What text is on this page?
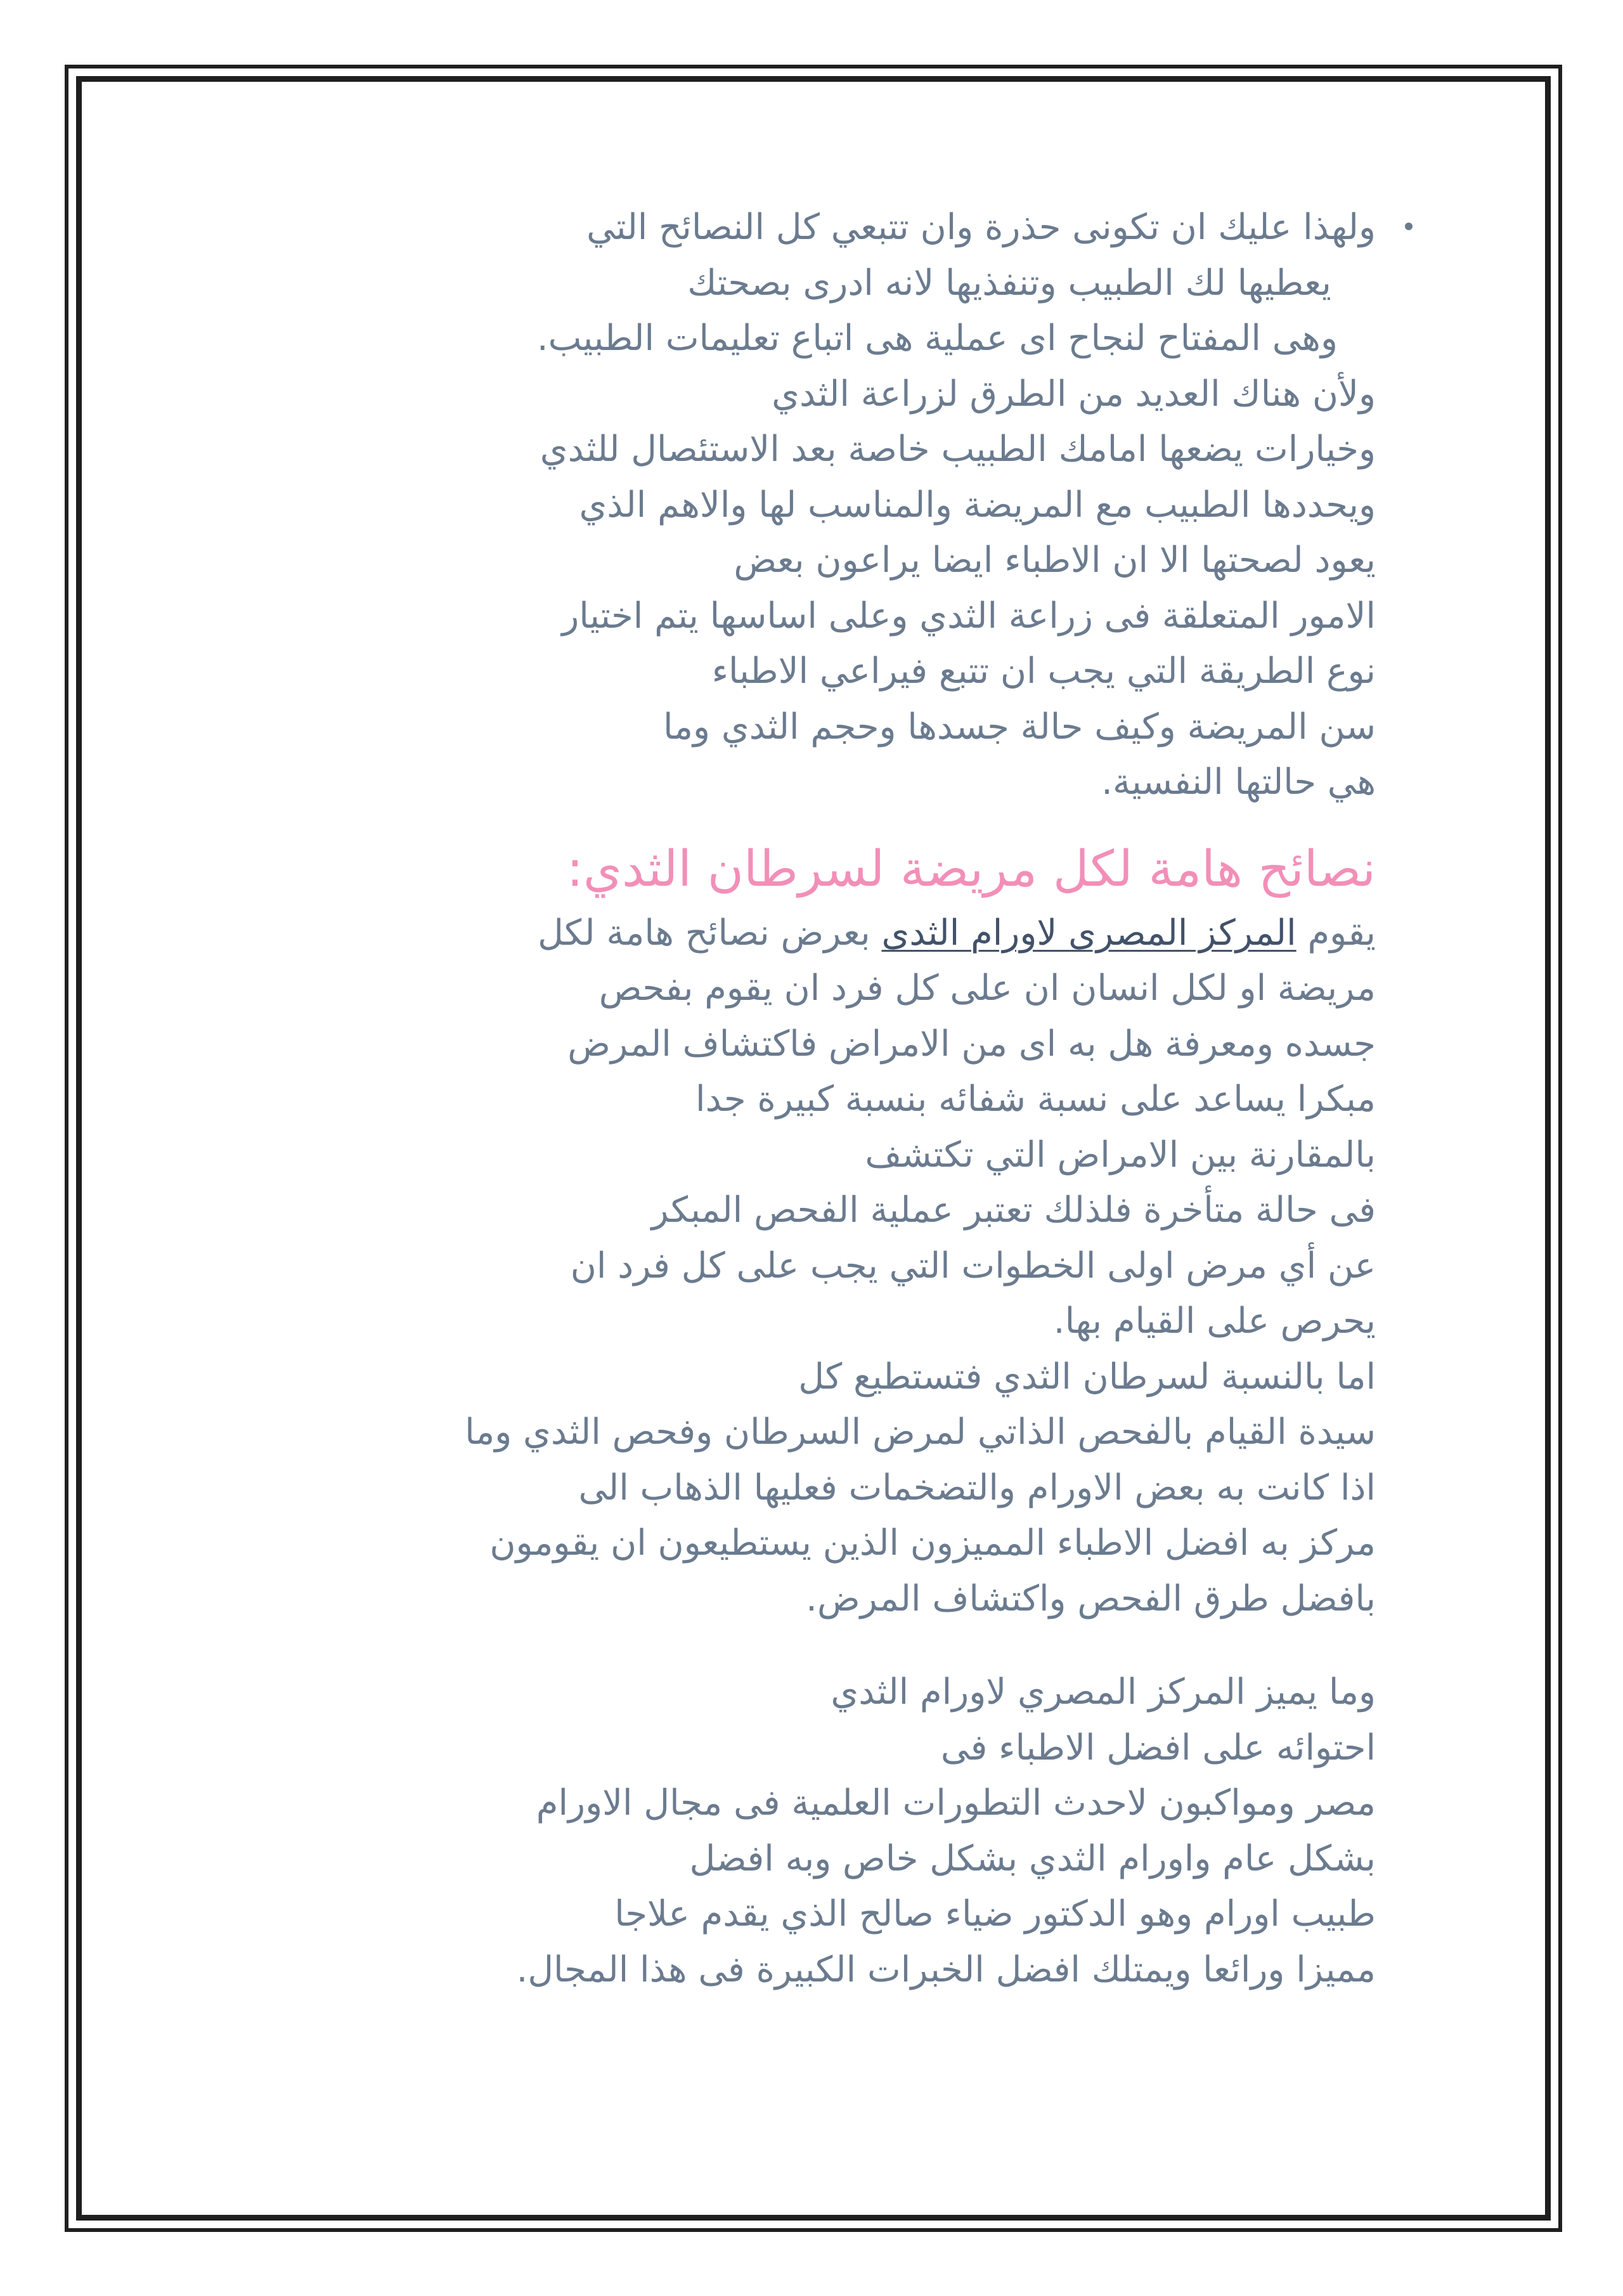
ولهذا عليك ان تكونى حذرة وان تتبعي كل النصائح التي
يعطيها لك الطبيب وتنفذيها لانه ادرى بصحتك
وهى المفتاح لنجاح اى عملية هى اتباع تعليمات الطبيب.
ولأن هناك العديد من الطرق لزراعة الثدي
وخيارات يضعها امامك الطبيب خاصة بعد الاستئصال للثدي
ويحددها الطبيب مع المريضة والمناسب لها والاهم الذي
يعود لصحتها الا ان الاطباء ايضا يراعون بعض
الامور المتعلقة فى زراعة الثدي وعلى اساسها يتم اختيار
نوع الطريقة التي يجب ان تتبع فيراعي الاطباء
سن المريضة وكيف حالة جسدها وحجم الثدي وما
هي حالتها النفسية.
نصائح هامة لكل مريضة لسرطان الثدي:
يقوم المركز المصرى لاورام الثدى بعرض نصائح هامة لكل
مريضة او لكل انسان ان على كل فرد ان يقوم بفحص
جسده ومعرفة هل به اى من الامراض فاكتشاف المرض
مبكرا يساعد على نسبة شفائه بنسبة كبيرة جدا
بالمقارنة بين الامراض التي تكتشف
فى حالة متأخرة فلذلك تعتبر عملية الفحص المبكر
عن أي مرض اولى الخطوات التي يجب على كل فرد ان
يحرص على القيام بها.
اما بالنسبة لسرطان الثدي فتستطيع كل
سيدة القيام بالفحص الذاتي لمرض السرطان وفحص الثدي وما
اذا كانت به بعض الاورام والتضخمات فعليها الذهاب الى
مركز به افضل الاطباء المميزون الذين يستطيعون ان يقومون
بافضل طرق الفحص واكتشاف المرض.
وما يميز المركز المصري لاورام الثدي
احتوائه على افضل الاطباء فى
مصر ومواكبون لاحدث التطورات العلمية فى مجال الاورام
بشكل عام واورام الثدي بشكل خاص وبه افضل
طبيب اورام وهو الدكتور ضياء صالح الذي يقدم علاجا
مميزا ورائعا ويمتلك افضل الخبرات الكبيرة فى هذا المجال.
